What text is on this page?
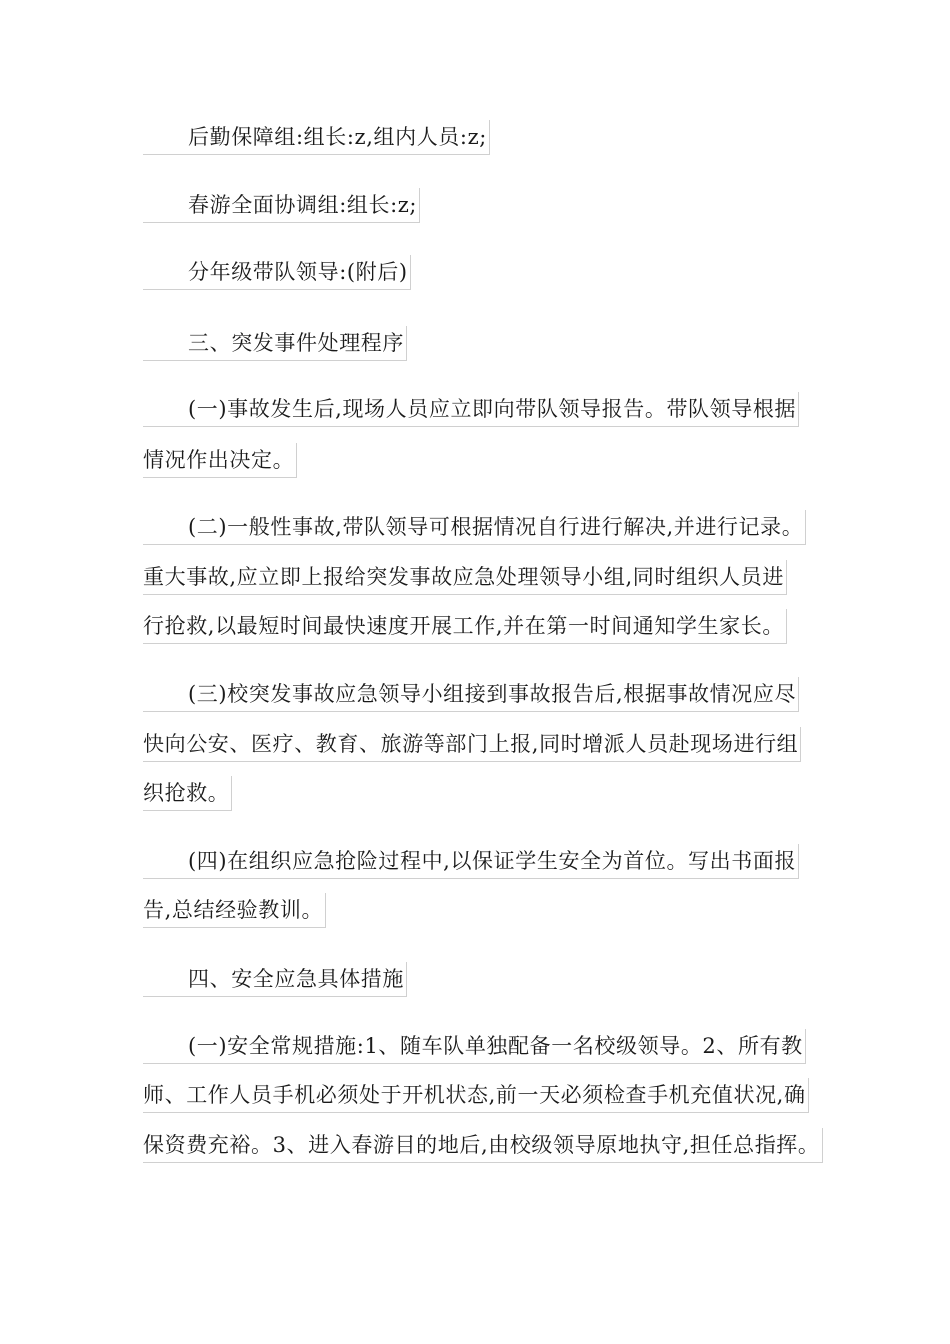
后勤保障组:组长:z,组内人员:z;
春游全面协调组:组长:z;
分年级带队领导:(附后)
三、突发事件处理程序
(一)事故发生后,现场人员应立即向带队领导报告。带队领导根据
情况作出决定。
(二)一般性事故,带队领导可根据情况自行进行解决,并进行记录。
重大事故,应立即上报给突发事故应急处理领导小组,同时组织人员进
行抢救,以最短时间最快速度开展工作,并在第一时间通知学生家长。
(三)校突发事故应急领导小组接到事故报告后,根据事故情况应尽
快向公安、医疗、教育、旅游等部门上报,同时增派人员赴现场进行组
织抢救。
(四)在组织应急抢险过程中,以保证学生安全为首位。写出书面报
告,总结经验教训。
四、安全应急具体措施
(一)安全常规措施:1、随车队单独配备一名校级领导。2、所有教
师、工作人员手机必须处于开机状态,前一天必须检查手机充值状况,确
保资费充裕。3、进入春游目的地后,由校级领导原地执守,担任总指挥。
